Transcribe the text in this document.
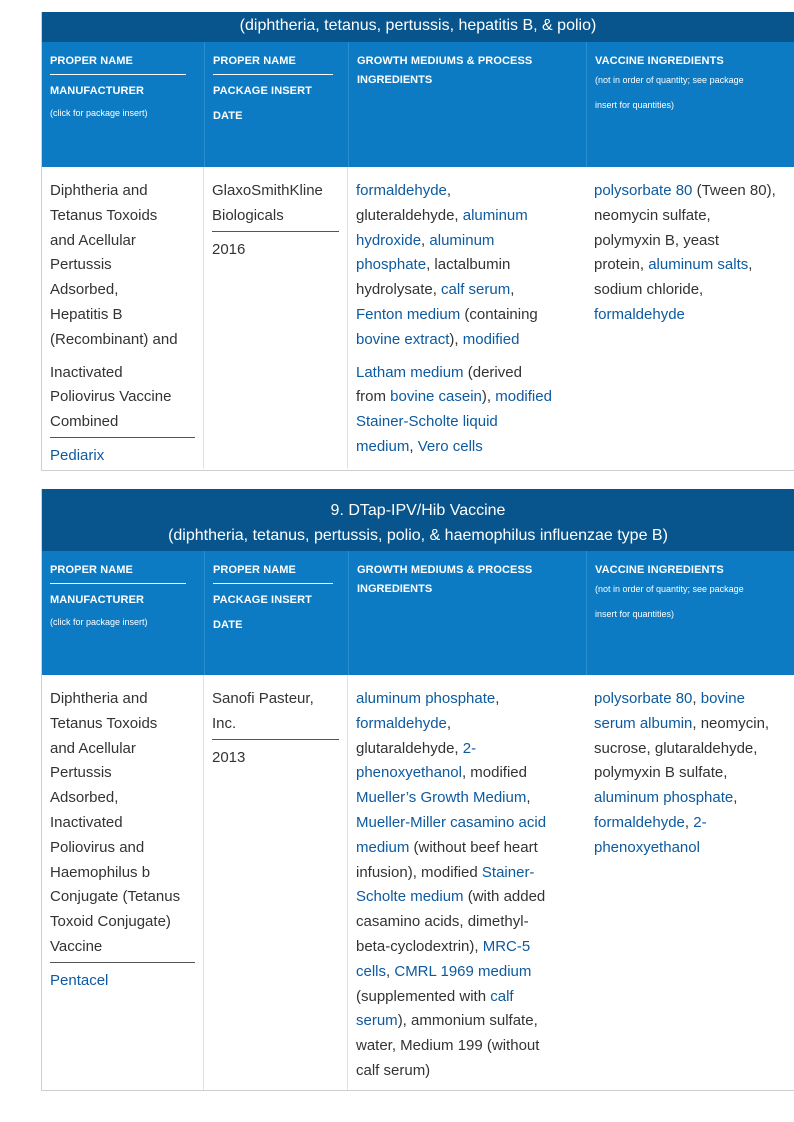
(diphtheria, tetanus, pertussis, hepatitis B, & polio)
PROPER NAME
MANUFACTURER
(click for package insert)
PROPER NAME
PACKAGE INSERT
DATE
GROWTH MEDIUMS & PROCESS
INGREDIENTS
VACCINE INGREDIENTS
(not in order of quantity; see package
insert for quantities)
Diphtheria and
Tetanus Toxoids
and Acellular
Pertussis
Adsorbed,
Hepatitis B
(Recombinant) and
Inactivated
Poliovirus Vaccine
Combined
Pediarix
GlaxoSmithKline
Biologicals
2016
formaldehyde,
gluteraldehyde, aluminum
hydroxide, aluminum
phosphate, lactalbumin
hydrolysate, calf serum,
Fenton medium (containing
bovine extract), modified
Latham medium (derived
from bovine casein), modified
Stainer-Scholte liquid
medium, Vero cells
polysorbate 80 (Tween 80),
neomycin sulfate,
polymyxin B, yeast
protein, aluminum salts,
sodium chloride,
formaldehyde
9. DTap-IPV/Hib Vaccine
(diphtheria, tetanus, pertussis, polio, & haemophilus influenzae type B)
PROPER NAME
MANUFACTURER
(click for package insert)
PROPER NAME
PACKAGE INSERT
DATE
GROWTH MEDIUMS & PROCESS
INGREDIENTS
VACCINE INGREDIENTS
(not in order of quantity; see package
insert for quantities)
Diphtheria and
Tetanus Toxoids
and Acellular
Pertussis
Adsorbed,
Inactivated
Poliovirus and
Haemophilus b
Conjugate (Tetanus
Toxoid Conjugate)
Vaccine
Pentacel
Sanofi Pasteur,
Inc.
2013
aluminum phosphate,
formaldehyde,
glutaraldehyde, 2-
phenoxyethanol, modified
Mueller’s Growth Medium,
Mueller-Miller casamino acid
medium (without beef heart
infusion), modified Stainer-
Scholte medium (with added
casamino acids, dimethyl-
beta-cyclodextrin), MRC-5
cells, CMRL 1969 medium
(supplemented with calf
serum), ammonium sulfate,
water, Medium 199 (without
calf serum)
polysorbate 80, bovine
serum albumin, neomycin,
sucrose, glutaraldehyde,
polymyxin B sulfate,
aluminum phosphate,
formaldehyde, 2-
phenoxyethanol
